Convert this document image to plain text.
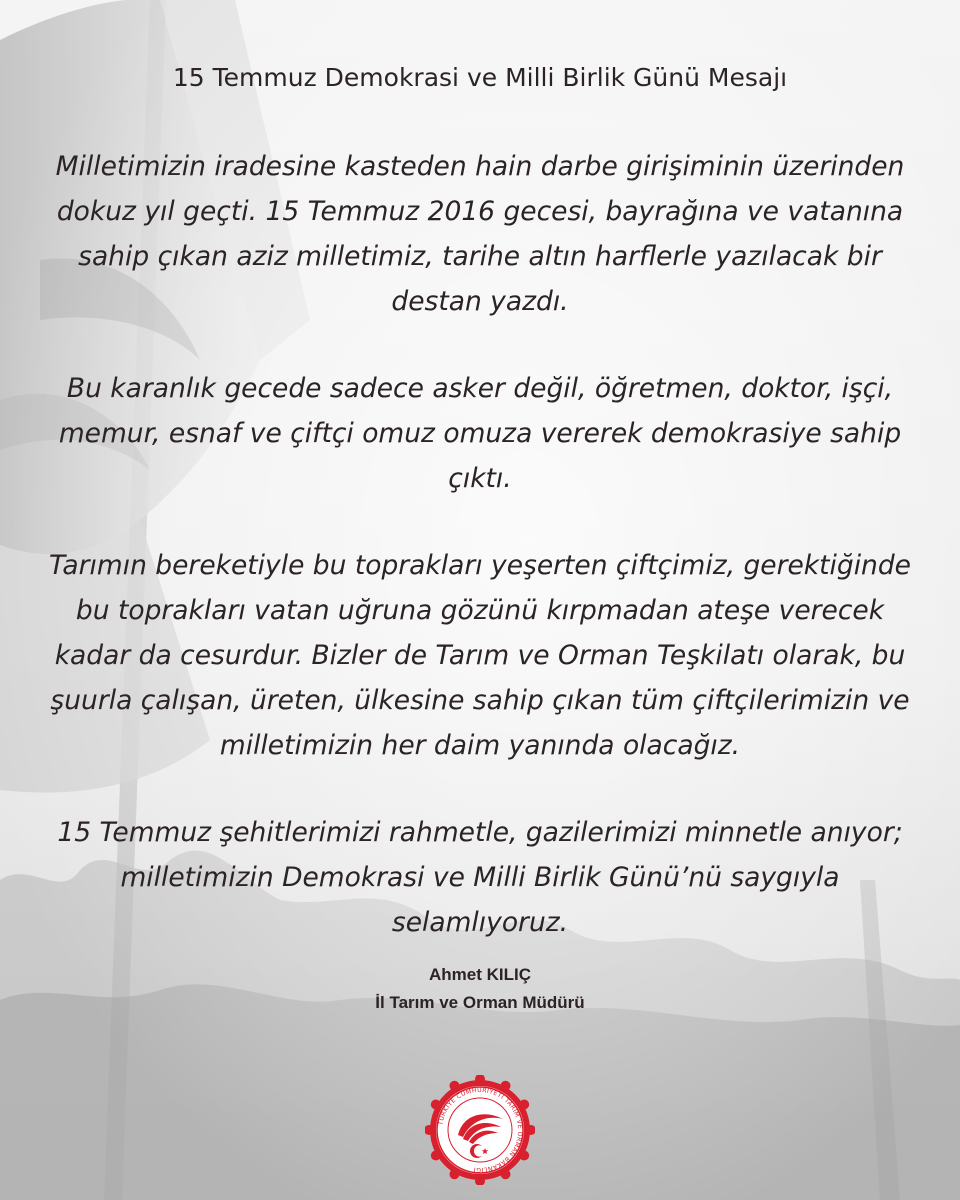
15 Temmuz Demokrasi ve Milli Birlik Günü Mesajı

Milletimizin iradesine kasteden hain darbe girişiminin üzerinden dokuz yıl geçti. 15 Temmuz 2016 gecesi, bayrağına ve vatanına sahip çıkan aziz milletimiz, tarihe altın harflerle yazılacak bir destan yazdı.

Bu karanlık gecede sadece asker değil, öğretmen, doktor, işçi, memur, esnaf ve çiftçi omuz omuza vererek demokrasiye sahip çıktı.

Tarımın bereketiyle bu toprakları yeşerten çiftçimiz, gerektiğinde bu toprakları vatan uğruna gözünü kırpmadan ateşe verecek kadar da cesurdur. Bizler de Tarım ve Orman Teşkilatı olarak, bu şuurla çalışan, üreten, ülkesine sahip çıkan tüm çiftçilerimizin ve milletimizin her daim yanında olacağız.

15 Temmuz şehitlerimizi rahmetle, gazilerimizi minnetle anıyor; milletimizin Demokrasi ve Milli Birlik Günü’nü saygıyla selamlıyoruz.

Ahmet KILIÇ
İl Tarım ve Orman Müdürü
TÜRKİYE CUMHURİYETİ TARIM VE ORMAN BAKANLIĞI
